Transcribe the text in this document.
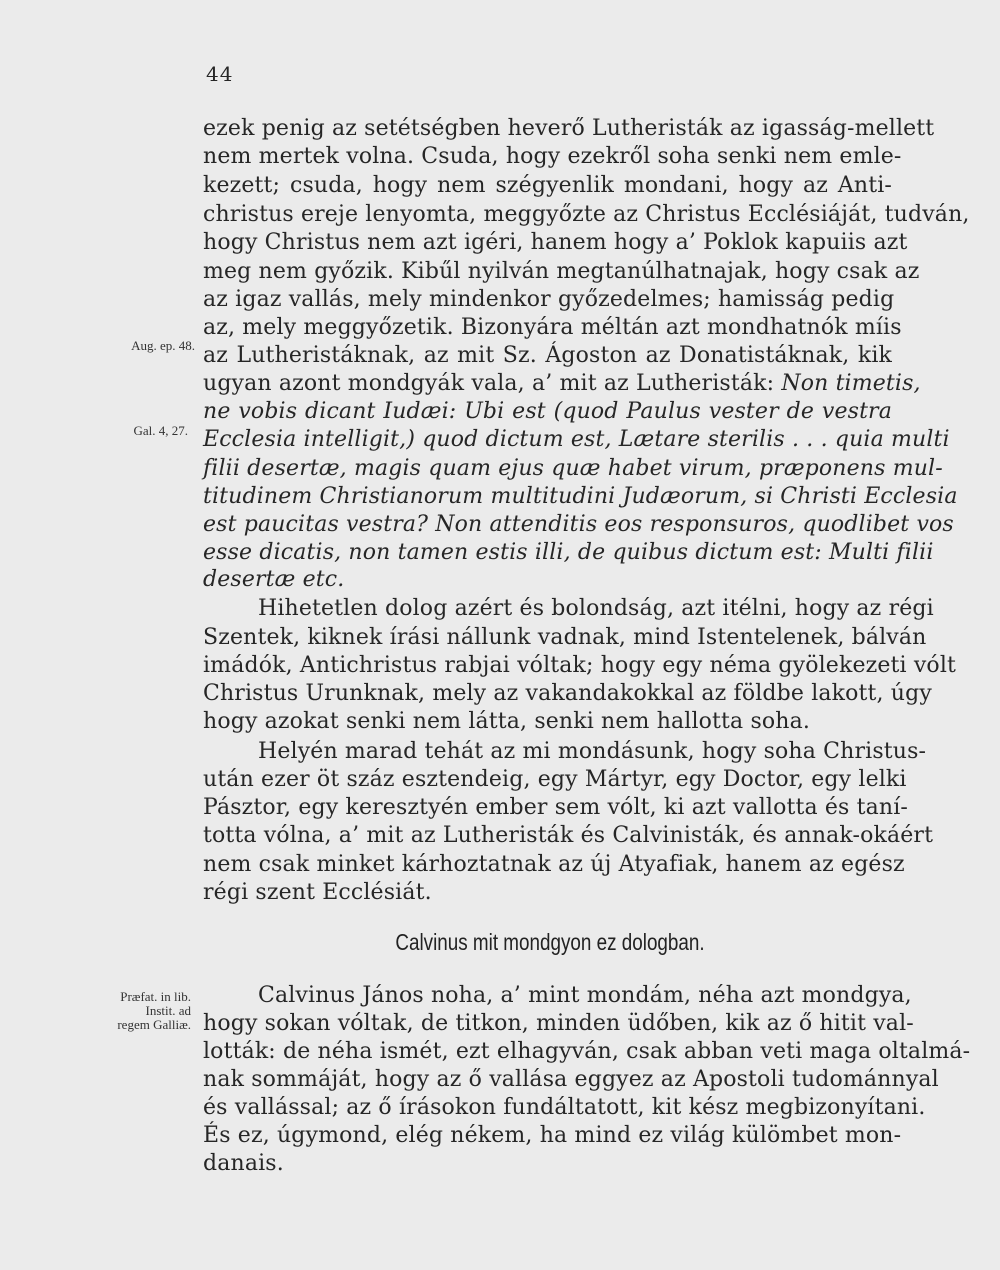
44
ezek penig az setétségben heverő Lutheristák az igasság-mellett
nem mertek volna. Csuda, hogy ezekről soha senki nem emle-
kezett; csuda, hogy nem szégyenlik mondani, hogy az Anti-
christus ereje lenyomta, meggyőzte az Christus Ecclésiáját, tudván,
hogy Christus nem azt igéri, hanem hogy a’ Poklok kapuiis azt
meg nem győzik. Kibűl nyilván megtanúlhatnajak, hogy csak az
az igaz vallás, mely mindenkor győzedelmes; hamisság pedig
az, mely meggyőzetik. Bizonyára méltán azt mondhatnók míis
az Lutheristáknak, az mit Sz. Ágoston az Donatistáknak, kik
ugyan azont mondgyák vala, a’ mit az Lutheristák: Non timetis,
ne vobis dicant Iudæi: Ubi est (quod Paulus vester de vestra
Ecclesia intelligit,) quod dictum est, Lætare sterilis . . . quia multi
filii desertæ, magis quam ejus quæ habet virum, præponens mul-
titudinem Christianorum multitudini Judæorum, si Christi Ecclesia
est paucitas vestra? Non attenditis eos responsuros, quodlibet vos
esse dicatis, non tamen estis illi, de quibus dictum est: Multi filii
desertæ etc.
Hihetetlen dolog azért és bolondság, azt itélni, hogy az régi
Szentek, kiknek írási nállunk vadnak, mind Istentelenek, bálván
imádók, Antichristus rabjai vóltak; hogy egy néma gyölekezeti vólt
Christus Urunknak, mely az vakandakokkal az földbe lakott, úgy
hogy azokat senki nem látta, senki nem hallotta soha.
Helyén marad tehát az mi mondásunk, hogy soha Christus-
után ezer öt száz esztendeig, egy Mártyr, egy Doctor, egy lelki
Pásztor, egy keresztyén ember sem vólt, ki azt vallotta és taní-
totta vólna, a’ mit az Lutheristák és Calvinisták, és annak-okáért
nem csak minket kárhoztatnak az új Atyafiak, hanem az egész
régi szent Ecclésiát.
Calvinus mit mondgyon ez dologban.
Calvinus János noha, a’ mint mondám, néha azt mondgya,
hogy sokan vóltak, de titkon, minden üdőben, kik az ő hitit val-
lották: de néha ismét, ezt elhagyván, csak abban veti maga oltalmá-
nak sommáját, hogy az ő vallása eggyez az Apostoli tudománnyal
és vallással; az ő írásokon fundáltatott, kit kész megbizonyítani.
És ez, úgymond, elég nékem, ha mind ez világ külömbet mon-
danais.
Aug. ep. 48.
Gal. 4, 27.
Præfat. in lib.
Instit. ad
regem Galliæ.
